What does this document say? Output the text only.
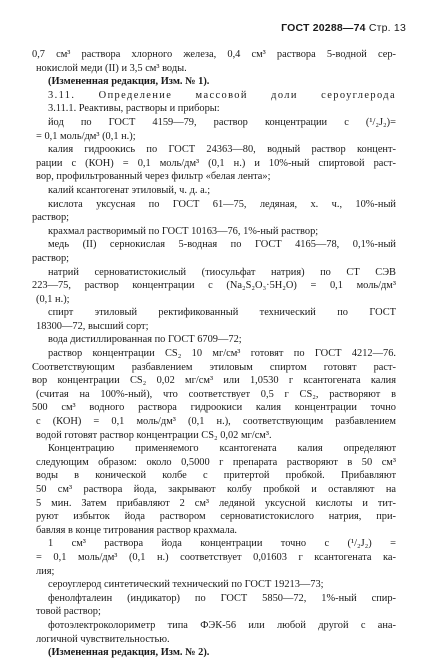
ГОСТ 20288—74 Стр. 13
0,7 см³ раствора хлорного железа, 0,4 см³ раствора 5-водной сер-
нокислой меди (II) и 3,5 см³ воды.
(Измененная редакция, Изм. № 1).
3.11. Определение массовой доли сероуглерода
3.11.1. Реактивы, растворы и приборы:
йод по ГОСТ 4159—79, раствор концентрации с (¹/₂J₂)=
= 0,1 моль/дм³ (0,1 н.);
калия гидроокись по ГОСТ 24363—80, водный раствор концент-
рации с (КОН) = 0,1 моль/дм³ (0,1 н.) и 10%-ный спиртовой раст-
вор, профильтрованный через фильтр «белая лента»;
калий ксантогенат этиловый, ч. д. а.;
кислота уксусная по ГОСТ 61—75, ледяная, х. ч., 10%-ный
раствор;
крахмал растворимый по ГОСТ 10163—76, 1%-ный раствор;
медь (II) сернокислая 5-водная по ГОСТ 4165—78, 0,1%-ный
раствор;
натрий серноватистокислый (тиосульфат натрия) по СТ СЭВ
223—75, раствор концентрации с (Na₂S₂O₃·5H₂O) = 0,1 моль/дм³
(0,1 н.);
спирт этиловый ректификованный технический по ГОСТ
18300—72, высший сорт;
вода дистиллированная по ГОСТ 6709—72;
раствор концентрации CS₂ 10 мг/см³ готовят по ГОСТ 4212—76.
Соответствующим разбавлением этиловым спиртом готовят раст-
вор концентрации CS₂ 0,02 мг/см³ или 1,0530 г ксантогената калия
(считая на 100%-ный), что соответствует 0,5 г CS₂, растворяют в
500 см³ водного раствора гидроокиси калия концентрации точно
с (КОН) = 0,1 моль/дм³ (0,1 н.), соответствующим разбавлением
водой готовят раствор концентрации CS₂ 0,02 мг/см³.
Концентрацию применяемого ксантогената калия определяют
следующим образом: около 0,5000 г препарата растворяют в 50 см³
воды в конической колбе с притертой пробкой. Прибавляют
50 см³ раствора йода, закрывают колбу пробкой и оставляют на
5 мин. Затем прибавляют 2 см³ ледяной уксусной кислоты и тит-
руют избыток йода раствором серноватистокислого натрия, при-
бавляя в конце титрования раствор крахмала.
1 см³ раствора йода концентрации точно с (¹/₂J₂) =
= 0,1 моль/дм³ (0,1 н.) соответствует 0,01603 г ксантогената ка-
лия;
сероуглерод синтетический технический по ГОСТ 19213—73;
фенолфталеин (индикатор) по ГОСТ 5850—72, 1%-ный спир-
товой раствор;
фотоэлектроколориметр типа ФЭК-56 или любой другой с ана-
логичной чувствительностью.
(Измененная редакция, Изм. № 2).
